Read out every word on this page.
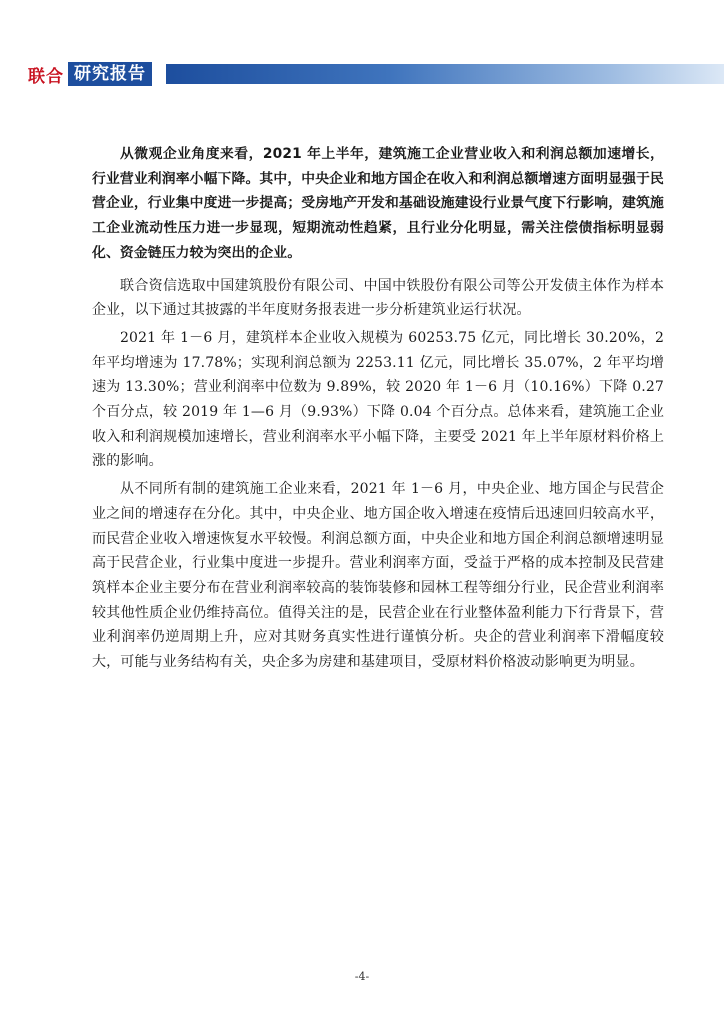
联合 研究报告

从微观企业角度来看，2021 年上半年，建筑施工企业营业收入和利润总额加速增长，行业营业利润率小幅下降。其中，中央企业和地方国企在收入和利润总额增速方面明显强于民营企业，行业集中度进一步提高；受房地产开发和基础设施建设行业景气度下行影响，建筑施工企业流动性压力进一步显现，短期流动性趋紧，且行业分化明显，需关注偿债指标明显弱化、资金链压力较为突出的企业。

联合资信选取中国建筑股份有限公司、中国中铁股份有限公司等公开发债主体作为样本企业，以下通过其披露的半年度财务报表进一步分析建筑业运行状况。

2021 年 1－6 月，建筑样本企业收入规模为 60253.75 亿元，同比增长 30.20%，2 年平均增速为 17.78%；实现利润总额为 2253.11 亿元，同比增长 35.07%，2 年平均增速为 13.30%；营业利润率中位数为 9.89%，较 2020 年 1－6 月（10.16%）下降 0.27 个百分点，较 2019 年 1—6 月（9.93%）下降 0.04 个百分点。总体来看，建筑施工企业收入和利润规模加速增长，营业利润率水平小幅下降，主要受 2021 年上半年原材料价格上涨的影响。

从不同所有制的建筑施工企业来看，2021 年 1－6 月，中央企业、地方国企与民营企业之间的增速存在分化。其中，中央企业、地方国企收入增速在疫情后迅速回归较高水平，而民营企业收入增速恢复水平较慢。利润总额方面，中央企业和地方国企利润总额增速明显高于民营企业，行业集中度进一步提升。营业利润率方面，受益于严格的成本控制及民营建筑样本企业主要分布在营业利润率较高的装饰装修和园林工程等细分行业，民企营业利润率较其他性质企业仍维持高位。值得关注的是，民营企业在行业整体盈利能力下行背景下，营业利润率仍逆周期上升，应对其财务真实性进行谨慎分析。央企的营业利润率下滑幅度较大，可能与业务结构有关，央企多为房建和基建项目，受原材料价格波动影响更为明显。

-4-
